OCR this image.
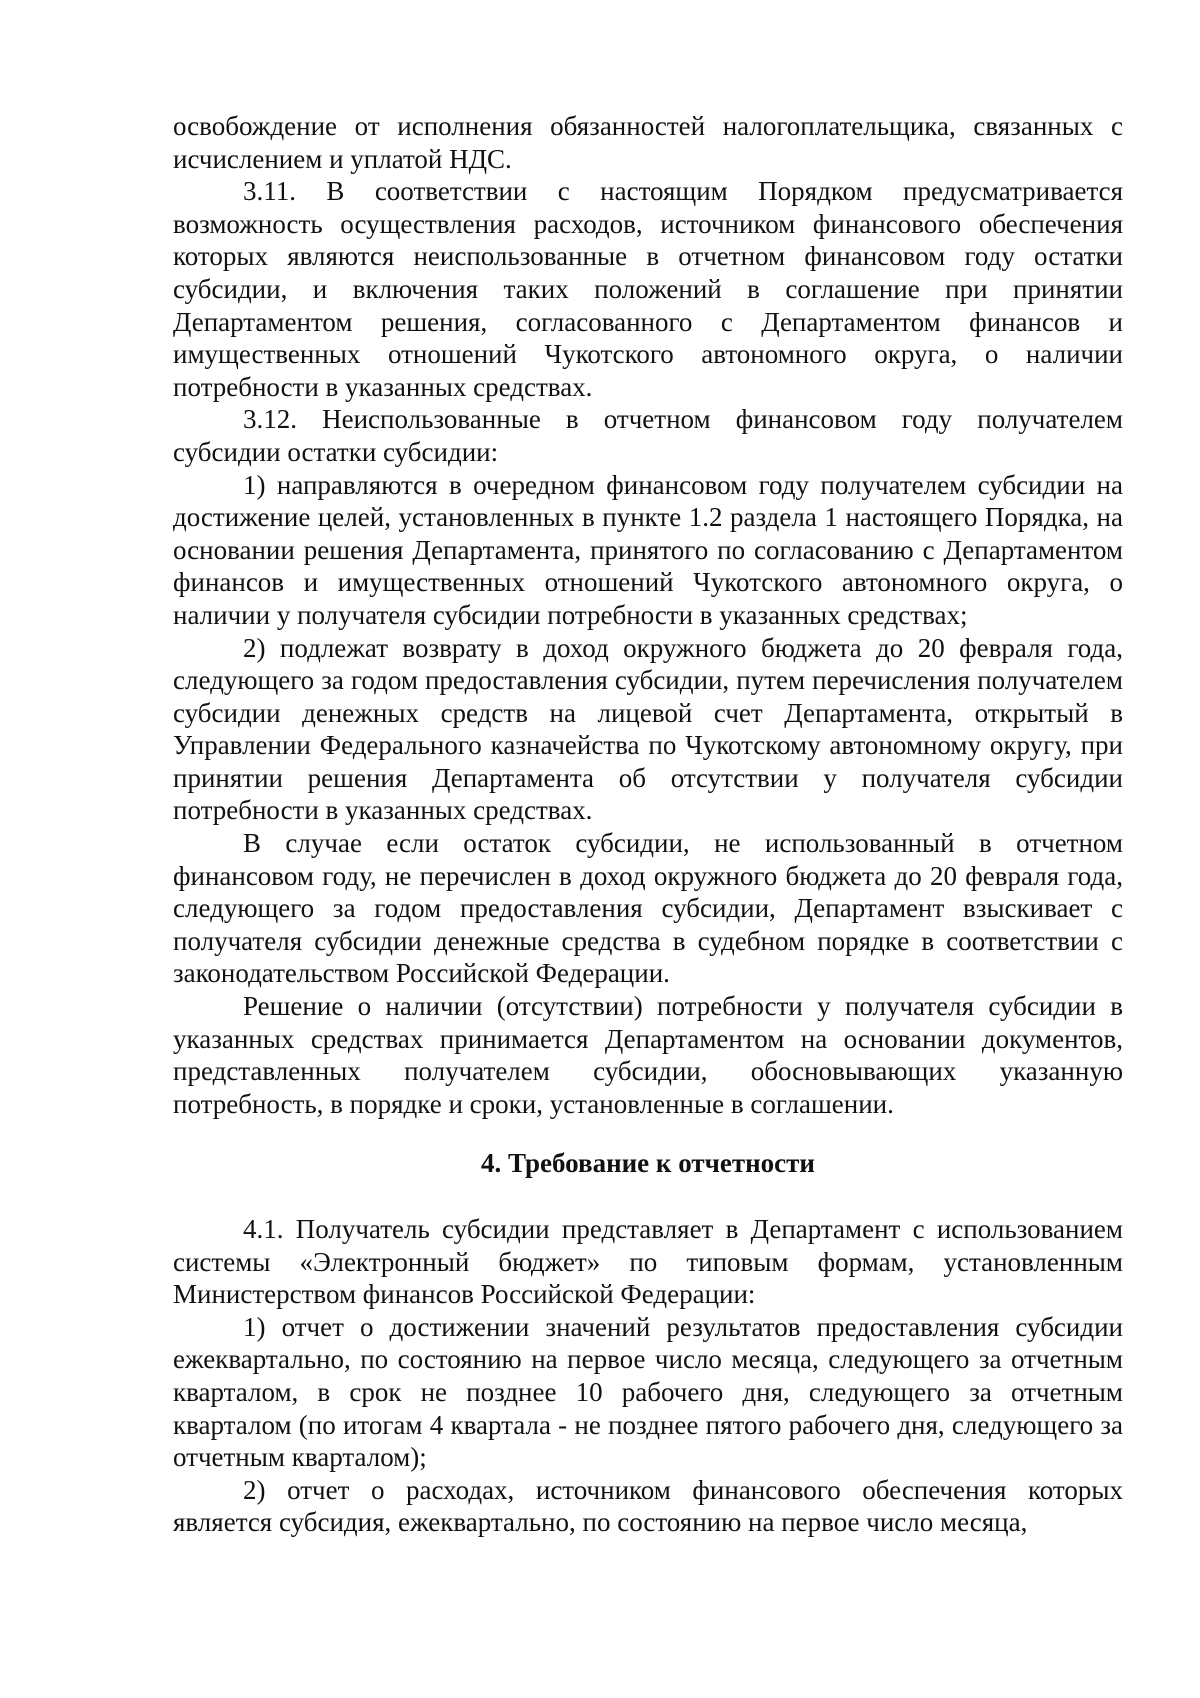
освобождение от исполнения обязанностей налогоплательщика, связанных с исчислением и уплатой НДС.

3.11. В соответствии с настоящим Порядком предусматривается возможность осуществления расходов, источником финансового обеспечения которых являются неиспользованные в отчетном финансовом году остатки субсидии, и включения таких положений в соглашение при принятии Департаментом решения, согласованного с Департаментом финансов и имущественных отношений Чукотского автономного округа, о наличии потребности в указанных средствах.

3.12. Неиспользованные в отчетном финансовом году получателем субсидии остатки субсидии:

1) направляются в очередном финансовом году получателем субсидии на достижение целей, установленных в пункте 1.2 раздела 1 настоящего Порядка, на основании решения Департамента, принятого по согласованию с Департаментом финансов и имущественных отношений Чукотского автономного округа, о наличии у получателя субсидии потребности в указанных средствах;

2) подлежат возврату в доход окружного бюджета до 20 февраля года, следующего за годом предоставления субсидии, путем перечисления получателем субсидии денежных средств на лицевой счет Департамента, открытый в Управлении Федерального казначейства по Чукотскому автономному округу, при принятии решения Департамента об отсутствии у получателя субсидии потребности в указанных средствах.

В случае если остаток субсидии, не использованный в отчетном финансовом году, не перечислен в доход окружного бюджета до 20 февраля года, следующего за годом предоставления субсидии, Департамент взыскивает с получателя субсидии денежные средства в судебном порядке в соответствии с законодательством Российской Федерации.

Решение о наличии (отсутствии) потребности у получателя субсидии в указанных средствах принимается Департаментом на основании документов, представленных получателем субсидии, обосновывающих указанную потребность, в порядке и сроки, установленные в соглашении.

4. Требование к отчетности

4.1. Получатель субсидии представляет в Департамент с использованием системы «Электронный бюджет» по типовым формам, установленным Министерством финансов Российской Федерации:

1) отчет о достижении значений результатов предоставления субсидии ежеквартально, по состоянию на первое число месяца, следующего за отчетным кварталом, в срок не позднее 10 рабочего дня, следующего за отчетным кварталом (по итогам 4 квартала - не позднее пятого рабочего дня, следующего за отчетным кварталом);

2) отчет о расходах, источником финансового обеспечения которых является субсидия, ежеквартально, по состоянию на первое число месяца,
